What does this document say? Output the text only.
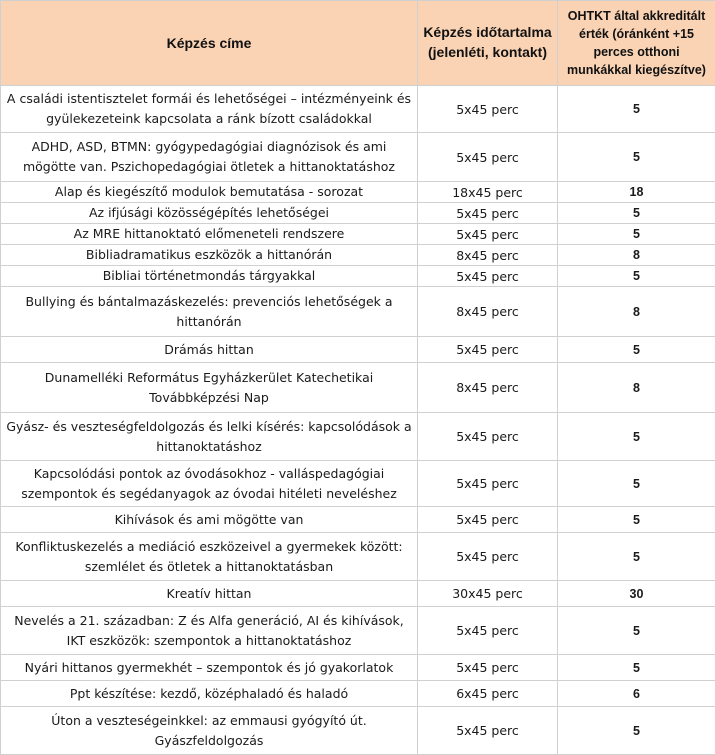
Képzés címe	Képzés időtartalma (jelenléti, kontakt)	OHTKT által akkreditált érték (óránként +15 perces otthoni munkákkal kiegészítve)
A családi istentisztelet formái és lehetőségei – intézményeink és gyülekezeteink kapcsolata a ránk bízott családokkal	5x45 perc	5
ADHD, ASD, BTMN: gyógypedagógiai diagnózisok és ami mögötte van. Pszichopedagógiai ötletek a hittanoktatáshoz	5x45 perc	5
Alap és kiegészítő modulok bemutatása - sorozat	18x45 perc	18
Az ifjúsági közösségépítés lehetőségei	5x45 perc	5
Az MRE hittanoktató előmeneteli rendszere	5x45 perc	5
Bibliadramatikus eszközök a hittanórán	8x45 perc	8
Bibliai történetmondás tárgyakkal	5x45 perc	5
Bullying és bántalmazáskezelés: prevenciós lehetőségek a hittanórán	8x45 perc	8
Drámás hittan	5x45 perc	5
Dunamelléki Református Egyházkerület Katechetikai Továbbképzési Nap	8x45 perc	8
Gyász- és veszteségfeldolgozás és lelki kísérés: kapcsolódások a hittanoktatáshoz	5x45 perc	5
Kapcsolódási pontok az óvodásokhoz - valláspedagógiai szempontok és segédanyagok az óvodai hitéleti neveléshez	5x45 perc	5
Kihívások és ami mögötte van	5x45 perc	5
Konfliktuskezelés a mediáció eszközeivel a gyermekek között: szemlélet és ötletek a hittanoktatásban	5x45 perc	5
Kreatív hittan	30x45 perc	30
Nevelés a 21. században: Z és Alfa generáció, AI és kihívások, IKT eszközök: szempontok a hittanoktatáshoz	5x45 perc	5
Nyári hittanos gyermekhét – szempontok és jó gyakorlatok	5x45 perc	5
Ppt készítése: kezdő, középhaladó és haladó	6x45 perc	6
Úton a veszteségeinkkel: az emmausi gyógyító út. Gyászfeldolgozás	5x45 perc	5
